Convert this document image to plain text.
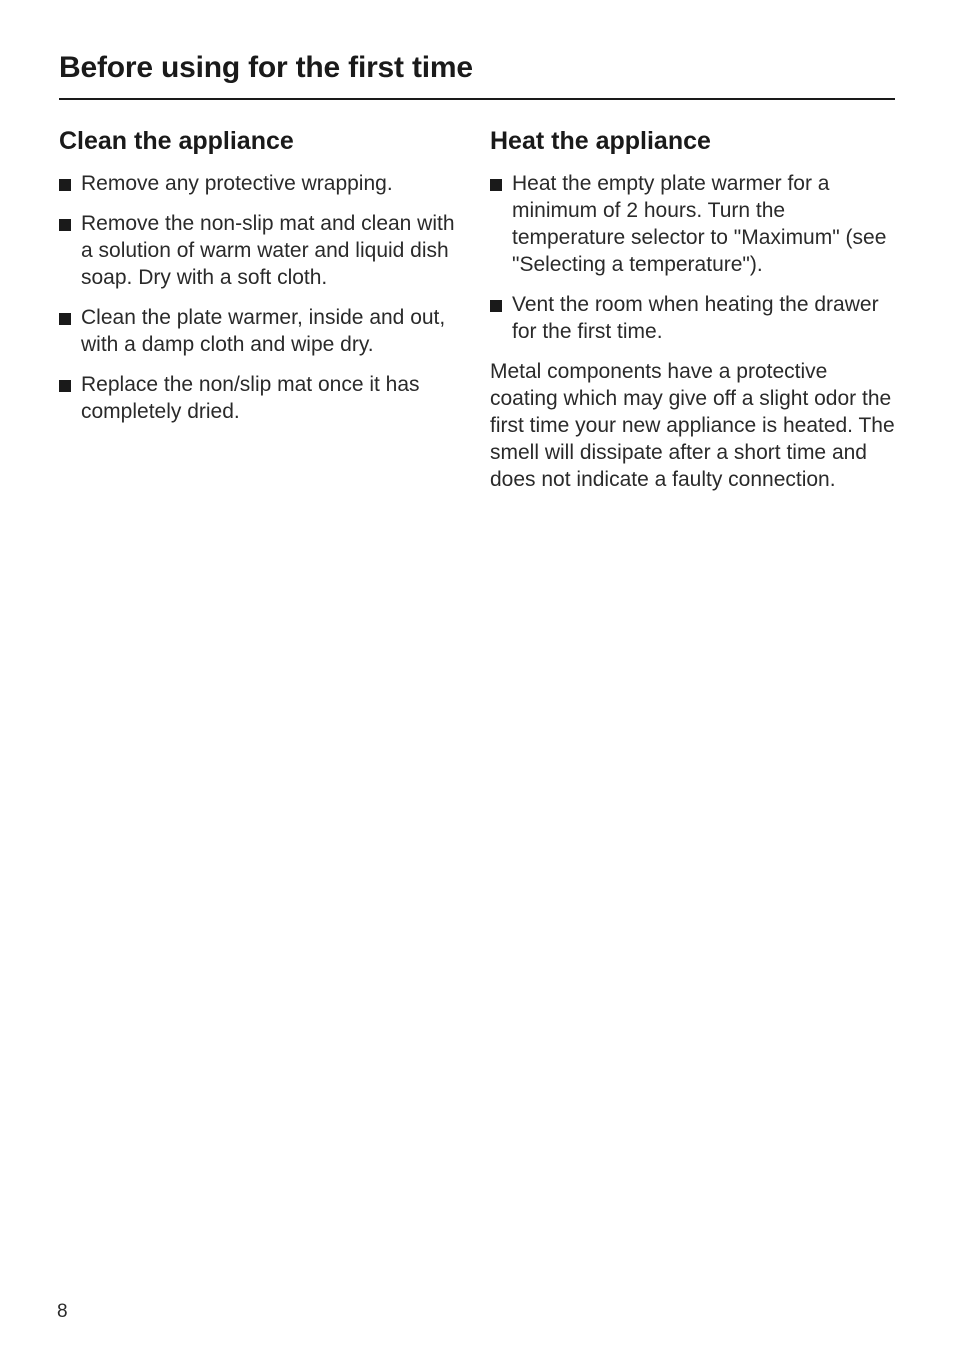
Before using for the first time
Clean the appliance
Remove any protective wrapping.
Remove the non-slip mat and clean with a solution of warm water and liquid dish soap. Dry with a soft cloth.
Clean the plate warmer, inside and out, with a damp cloth and wipe dry.
Replace the non/slip mat once it has completely dried.
Heat the appliance
Heat the empty plate warmer for a minimum of 2 hours. Turn the temperature selector to "Maximum" (see "Selecting a temperature").
Vent the room when heating the drawer for the first time.

Metal components have a protective coating which may give off a slight odor the first time your new appliance is heated. The smell will dissipate after a short time and does not indicate a faulty connection.

8
